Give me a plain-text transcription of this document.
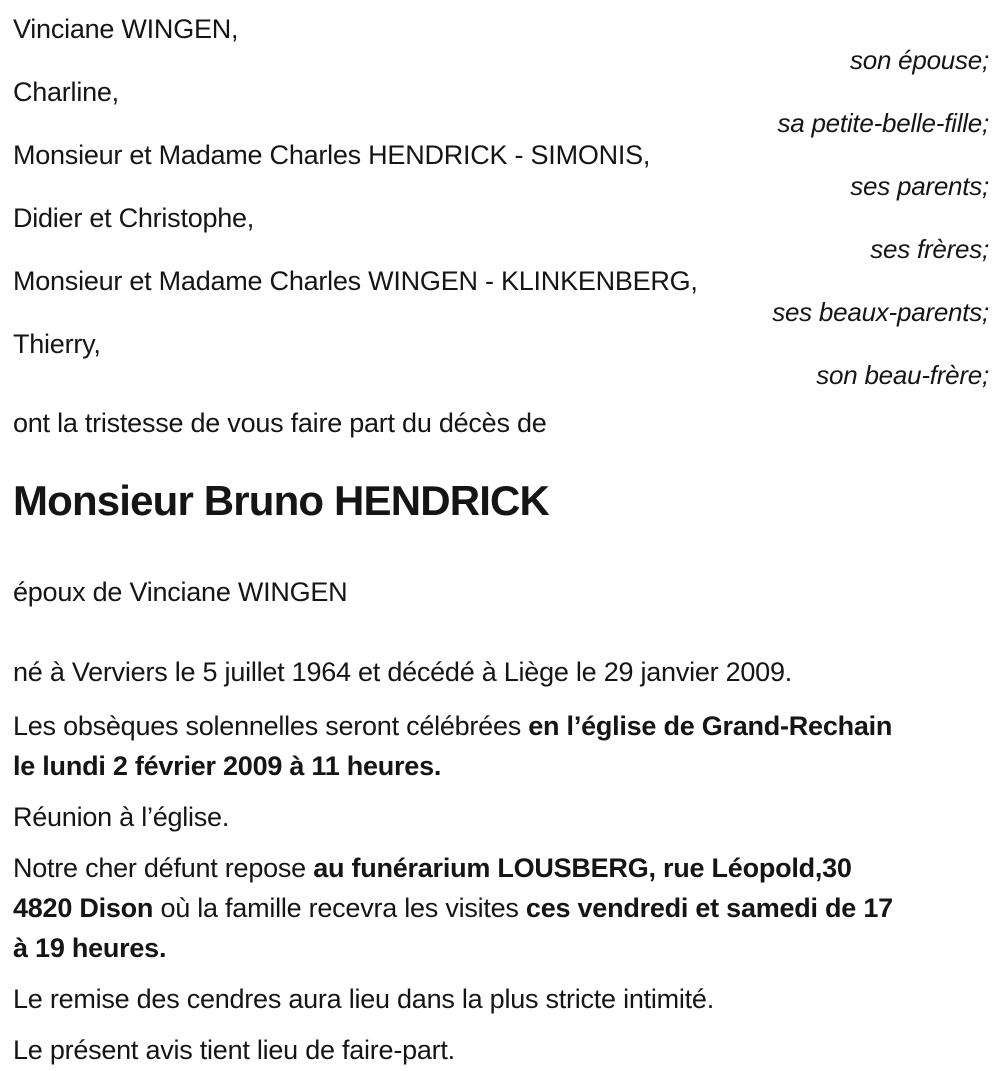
Vinciane WINGEN,
son épouse;
Charline,
sa petite-belle-fille;
Monsieur et Madame Charles HENDRICK - SIMONIS,
ses parents;
Didier et Christophe,
ses frères;
Monsieur et Madame Charles WINGEN - KLINKENBERG,
ses beaux-parents;
Thierry,
son beau-frère;
ont la tristesse de vous faire part du décès de
Monsieur Bruno HENDRICK
époux de Vinciane WINGEN

né à Verviers le 5 juillet 1964 et décédé à Liège le 29 janvier 2009.

Les obsèques solennelles seront célébrées en l’église de Grand-Rechain
le lundi 2 février 2009 à 11 heures.

Réunion à l’église.

Notre cher défunt repose au funérarium LOUSBERG, rue Léopold,30
4820 Dison où la famille recevra les visites ces vendredi et samedi de 17
à 19 heures.

Le remise des cendres aura lieu dans la plus stricte intimité.

Le présent avis tient lieu de faire-part.
